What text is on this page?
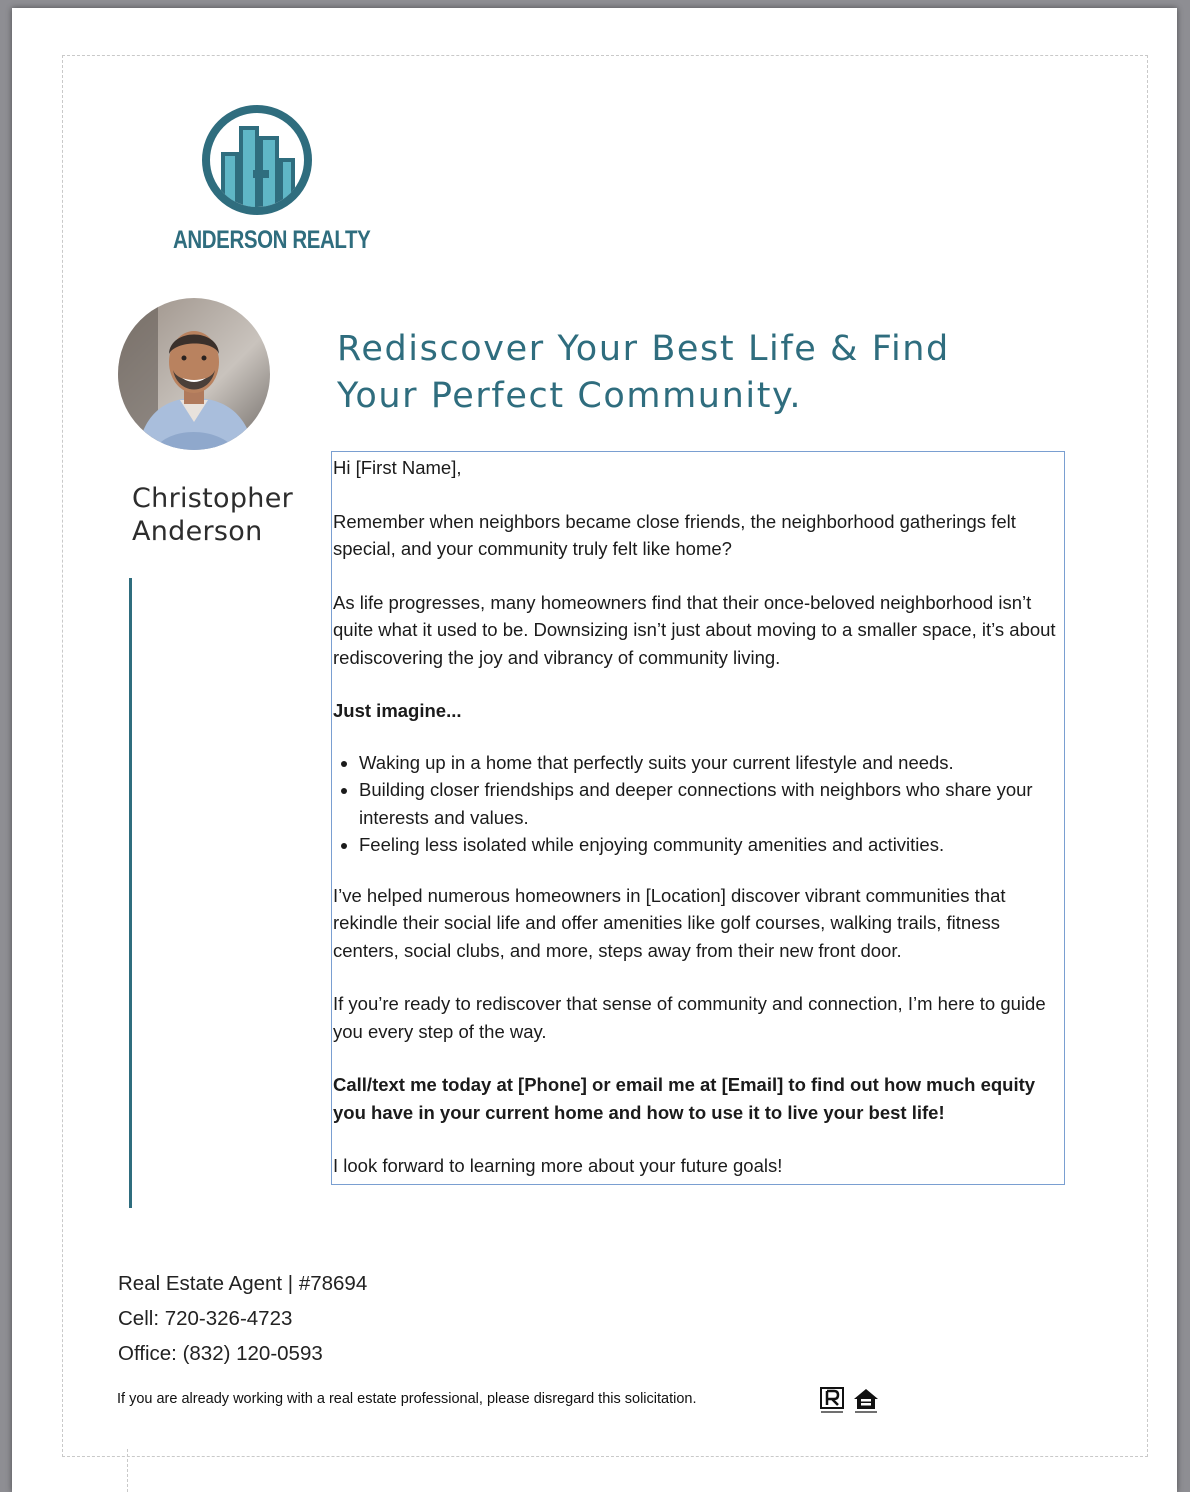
ANDERSON REALTY
Christopher
Anderson
Rediscover Your Best Life & Find
Your Perfect Community.

Hi [First Name],

Remember when neighbors became close friends, the neighborhood gatherings felt special, and your community truly felt like home?

As life progresses, many homeowners find that their once-beloved neighborhood isn’t quite what it used to be. Downsizing isn’t just about moving to a smaller space, it’s about rediscovering the joy and vibrancy of community living.

Just imagine...

• Waking up in a home that perfectly suits your current lifestyle and needs.
• Building closer friendships and deeper connections with neighbors who share your interests and values.
• Feeling less isolated while enjoying community amenities and activities.

I’ve helped numerous homeowners in [Location] discover vibrant communities that rekindle their social life and offer amenities like golf courses, walking trails, fitness centers, social clubs, and more, steps away from their new front door.

If you’re ready to rediscover that sense of community and connection, I’m here to guide you every step of the way.

Call/text me today at [Phone] or email me at [Email] to find out how much equity you have in your current home and how to use it to live your best life!

I look forward to learning more about your future goals!

Real Estate Agent | #78694
Cell: 720-326-4723
Office: (832) 120-0593
If you are already working with a real estate professional, please disregard this solicitation.
